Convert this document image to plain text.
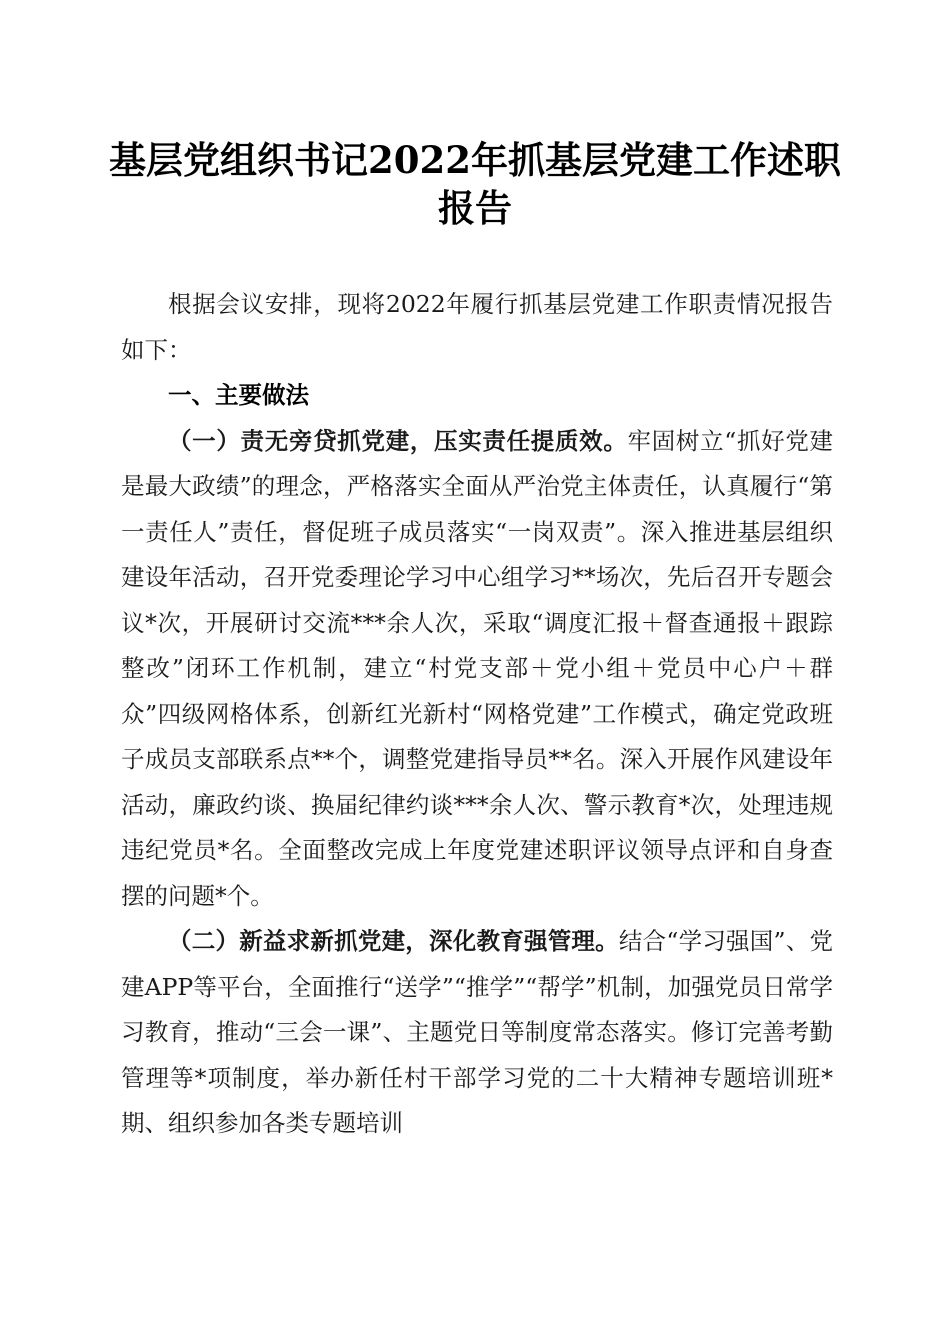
基层党组织书记2022年抓基层党建工作述职报告

根据会议安排，现将2022年履行抓基层党建工作职责情况报告如下：

一、主要做法

（一）责无旁贷抓党建，压实责任提质效。牢固树立“抓好党建是最大政绩”的理念，严格落实全面从严治党主体责任，认真履行“第一责任人”责任，督促班子成员落实“一岗双责”。深入推进基层组织建设年活动，召开党委理论学习中心组学习**场次，先后召开专题会议*次，开展研讨交流***余人次，采取“调度汇报＋督查通报＋跟踪整改”闭环工作机制，建立“村党支部＋党小组＋党员中心户＋群众”四级网格体系，创新红光新村“网格党建”工作模式，确定党政班子成员支部联系点**个，调整党建指导员**名。深入开展作风建设年活动，廉政约谈、换届纪律约谈***余人次、警示教育*次，处理违规违纪党员*名。全面整改完成上年度党建述职评议领导点评和自身查摆的问题*个。

（二）新益求新抓党建，深化教育强管理。结合“学习强国”、党建APP等平台，全面推行“送学”“推学”“帮学”机制，加强党员日常学习教育，推动“三会一课”、主题党日等制度常态落实。修订完善考勤管理等*项制度，举办新任村干部学习党的二十大精神专题培训班*期、组织参加各类专题培训
